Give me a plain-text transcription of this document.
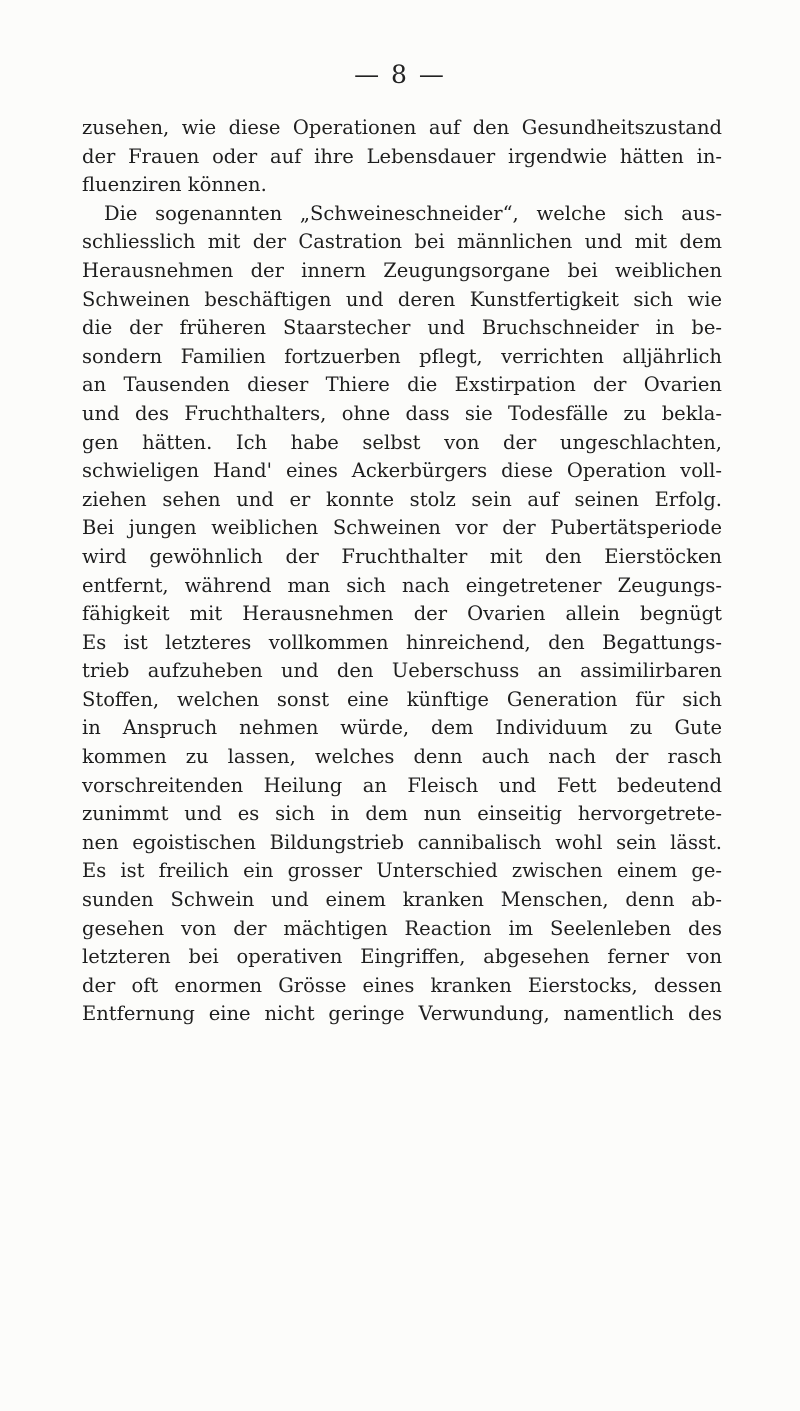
— 8 —
zusehen, wie diese Operationen auf den Gesundheitszustand
der Frauen oder auf ihre Lebensdauer irgendwie hätten in-
fluenziren können.
Die sogenannten „Schweineschneider“, welche sich aus-
schliesslich mit der Castration bei männlichen und mit dem
Herausnehmen der innern Zeugungsorgane bei weiblichen
Schweinen beschäftigen und deren Kunstfertigkeit sich wie
die der früheren Staarstecher und Bruchschneider in be-
sondern Familien fortzuerben pflegt, verrichten alljährlich
an Tausenden dieser Thiere die Exstirpation der Ovarien
und des Fruchthalters, ohne dass sie Todesfälle zu bekla-
gen hätten. Ich habe selbst von der ungeschlachten,
schwieligen Hand' eines Ackerbürgers diese Operation voll-
ziehen sehen und er konnte stolz sein auf seinen Erfolg.
Bei jungen weiblichen Schweinen vor der Pubertätsperiode
wird gewöhnlich der Fruchthalter mit den Eierstöcken
entfernt, während man sich nach eingetretener Zeugungs-
fähigkeit mit Herausnehmen der Ovarien allein begnügt
Es ist letzteres vollkommen hinreichend, den Begattungs-
trieb aufzuheben und den Ueberschuss an assimilirbaren
Stoffen, welchen sonst eine künftige Generation für sich
in Anspruch nehmen würde, dem Individuum zu Gute
kommen zu lassen, welches denn auch nach der rasch
vorschreitenden Heilung an Fleisch und Fett bedeutend
zunimmt und es sich in dem nun einseitig hervorgetrete-
nen egoistischen Bildungstrieb cannibalisch wohl sein lässt.
Es ist freilich ein grosser Unterschied zwischen einem ge-
sunden Schwein und einem kranken Menschen, denn ab-
gesehen von der mächtigen Reaction im Seelenleben des
letzteren bei operativen Eingriffen, abgesehen ferner von
der oft enormen Grösse eines kranken Eierstocks, dessen
Entfernung eine nicht geringe Verwundung, namentlich des
